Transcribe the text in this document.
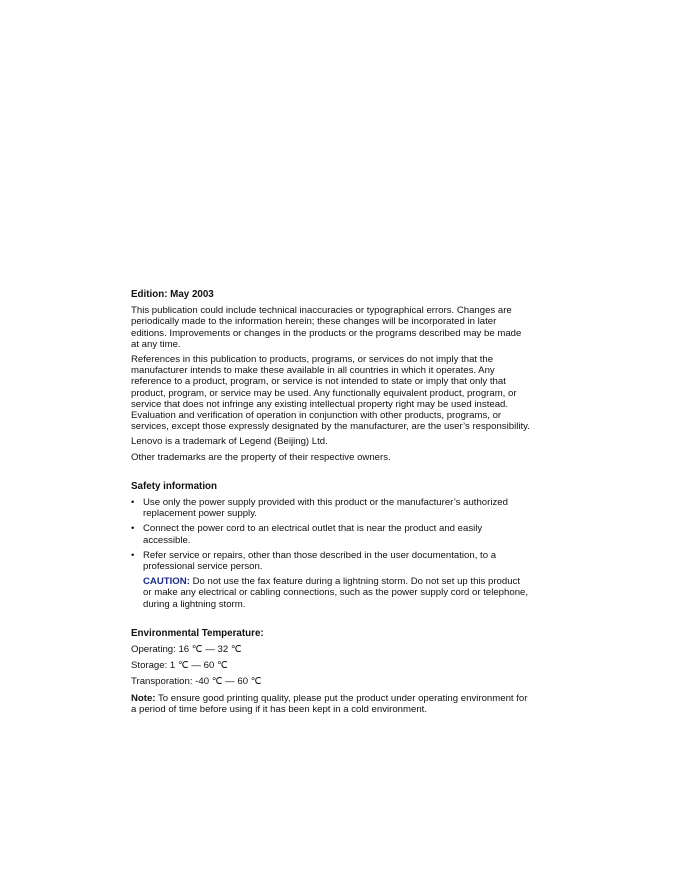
Edition: May 2003

This publication could include technical inaccuracies or typographical errors. Changes are periodically made to the information herein; these changes will be incorporated in later editions. Improvements or changes in the products or the programs described may be made at any time.

References in this publication to products, programs, or services do not imply that the manufacturer intends to make these available in all countries in which it operates. Any reference to a product, program, or service is not intended to state or imply that only that product, program, or service may be used. Any functionally equivalent product, program, or service that does not infringe any existing intellectual property right may be used instead. Evaluation and verification of operation in conjunction with other products, programs, or services, except those expressly designated by the manufacturer, are the user’s responsibility.

Lenovo is a trademark of Legend (Beijing) Ltd.

Other trademarks are the property of their respective owners.

Safety information
• Use only the power supply provided with this product or the manufacturer’s authorized replacement power supply.
• Connect the power cord to an electrical outlet that is near the product and easily accessible.
• Refer service or repairs, other than those described in the user documentation, to a professional service person.
CAUTION: Do not use the fax feature during a lightning storm. Do not set up this product or make any electrical or cabling connections, such as the power supply cord or telephone, during a lightning storm.
Environmental Temperature:
Operating: 16 ℃ — 32 ℃
Storage: 1 ℃ — 60 ℃
Transporation: -40 ℃ — 60 ℃
Note: To ensure good printing quality, please put the product under operating environment for a period of time before using if it has been kept in a cold environment.
